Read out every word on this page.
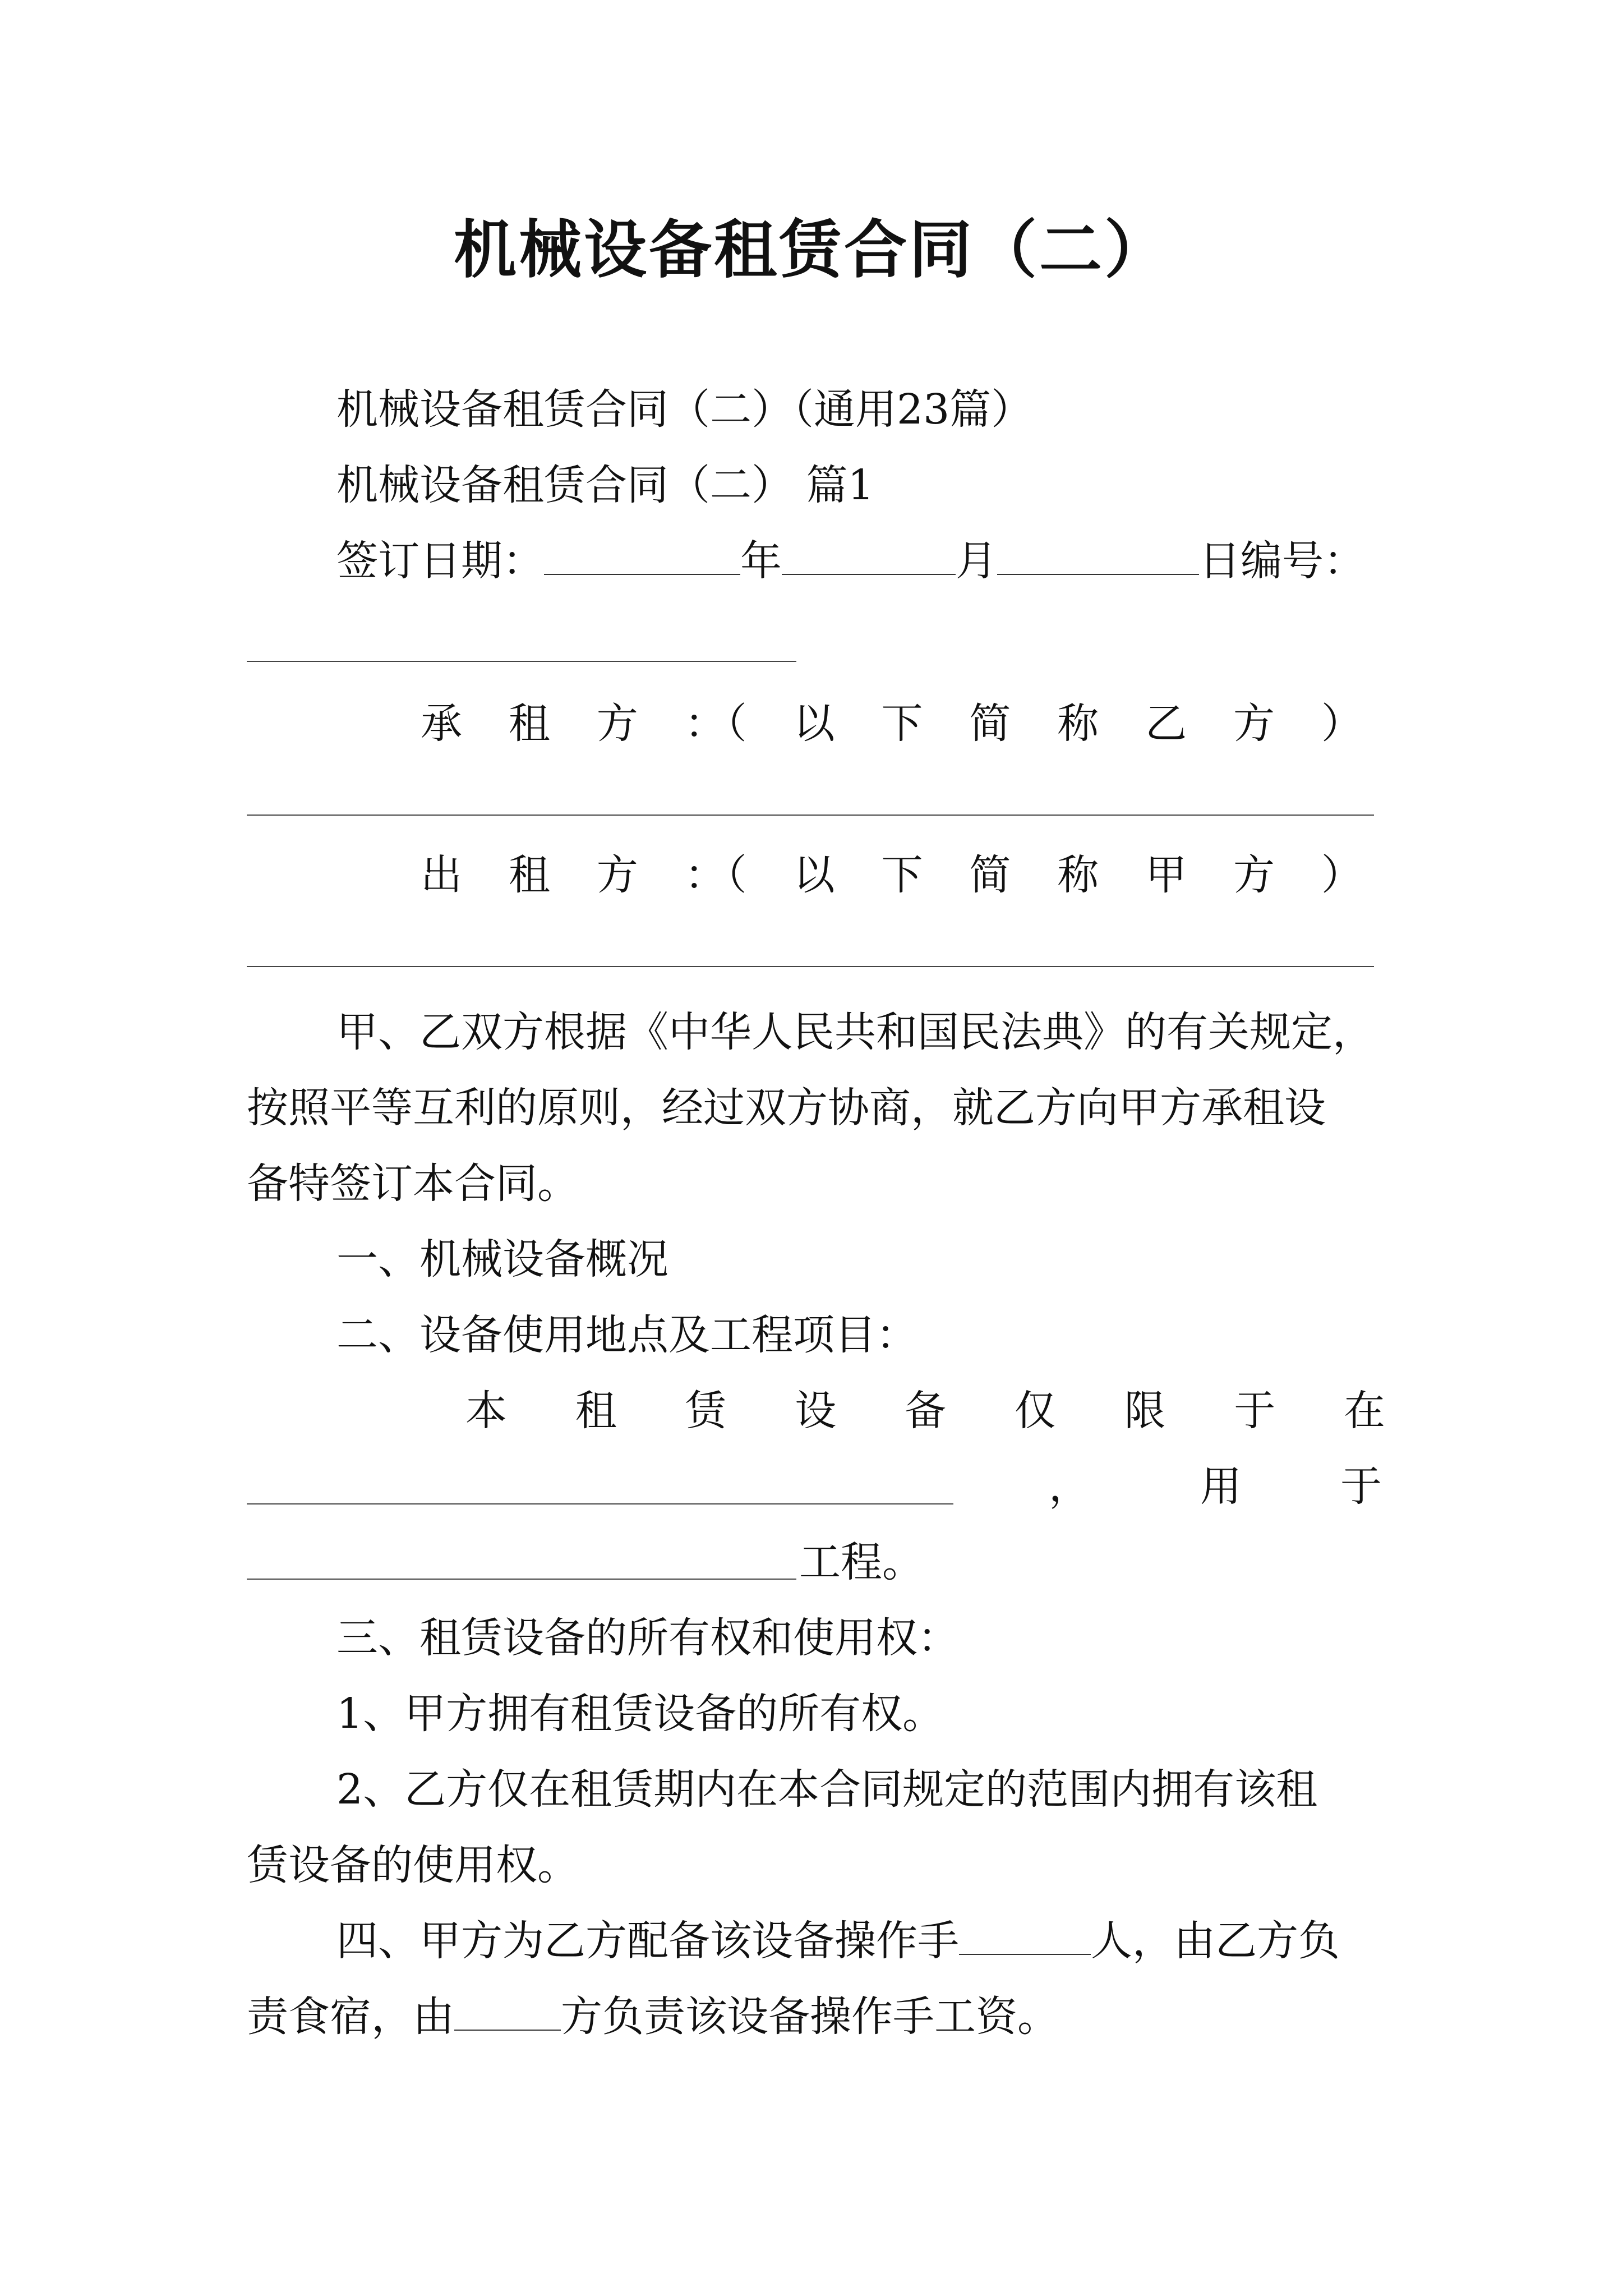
机械设备租赁合同（二）
机械设备租赁合同（二）（通用23篇）
机械设备租赁合同（二） 篇1
签订日期：	年	月	日编号：
承 租 方 ：（ 以 下 简 称 乙 方 ）
出 租 方 ：（ 以 下 简 称 甲 方 ）
甲、乙双方根据《中华人民共和国民法典》的有关规定，
按照平等互利的原则，经过双方协商，就乙方向甲方承租设
备特签订本合同。
一、机械设备概况
二、设备使用地点及工程项目：
本 租 赁 设 备 仅 限 于 在
，	用	于
工程。
三、租赁设备的所有权和使用权：
1、甲方拥有租赁设备的所有权。
2、乙方仅在租赁期内在本合同规定的范围内拥有该租
赁设备的使用权。
四、甲方为乙方配备该设备操作手	人，由乙方负
责食宿，由	方负责该设备操作手工资。
